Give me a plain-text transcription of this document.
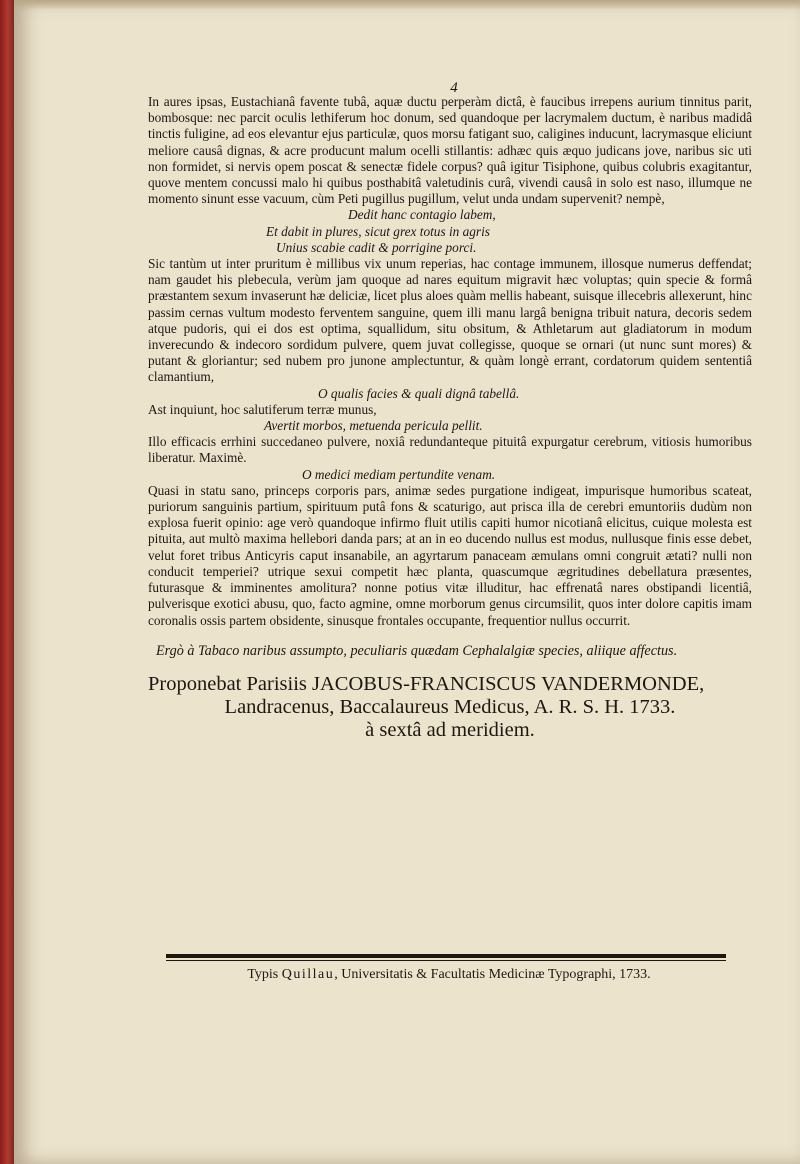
4

In aures ipsas, Eustachianâ favente tubâ, aquæ ductu perperàm dictâ, è faucibus irrepens aurium tinnitus parit, bombosque: nec parcit oculis lethiferum hoc donum, sed quandoque per lacrymalem ductum, è naribus madidâ tinctis fuligine, ad eos elevantur ejus particulæ, quos morsu fatigant suo, caligines inducunt, lacrymasque eliciunt meliore causâ dignas, & acre producunt malum ocelli stillantis: adhæc quis æquo judicans jove, naribus sic uti non formidet, si nervis opem poscat & senectæ fidele corpus? quâ igitur Tisiphone, quibus colubris exagitantur, quove mentem concussi malo hi quibus posthabitâ valetudinis curâ, vivendi causâ in solo est naso, illumque ne momento sinunt esse vacuum, cùm Peti pugillus pugillum, velut unda undam supervenit? nempè,

Dedit hanc contagio labem,

Et dabit in plures, sicut grex totus in agris

Unius scabie cadit & porrigine porci.

Sic tantùm ut inter pruritum è millibus vix unum reperias, hac contage immunem, illosque numerus deffendat; nam gaudet his plebecula, verùm jam quoque ad nares equitum migravit hæc voluptas; quin specie & formâ præstantem sexum invaserunt hæ deliciæ, licet plus aloes quàm mellis habeant, suisque illecebris allexerunt, hinc passim cernas vultum modesto ferventem sanguine, quem illi manu largâ benigna tribuit natura, decoris sedem atque pudoris, qui ei dos est optima, squallidum, situ obsitum, & Athletarum aut gladiatorum in modum inverecundo & indecoro sordidum pulvere, quem juvat collegisse, quoque se ornari (ut nunc sunt mores) & putant & gloriantur; sed nubem pro junone amplectuntur, & quàm longè errant, cordatorum quidem sententiâ clamantium,

O qualis facies & quali dignâ tabellâ.

Ast inquiunt, hoc salutiferum terræ munus,

Avertit morbos, metuenda pericula pellit.

Illo efficacis errhini succedaneo pulvere, noxiâ redundanteque pituitâ expurgatur cerebrum, vitiosis humoribus liberatur. Maximè.

O medici mediam pertundite venam.

Quasi in statu sano, princeps corporis pars, animæ sedes purgatione indigeat, impurisque humoribus scateat, puriorum sanguinis partium, spirituum putâ fons & scaturigo, aut prisca illa de cerebri emuntoriis dudùm non explosa fuerit opinio: age verò quandoque infirmo fluit utilis capiti humor nicotianâ elicitus, cuique molesta est pituita, aut multò maxima hellebori danda pars; at an in eo ducendo nullus est modus, nullusque finis esse debet, velut foret tribus Anticyris caput insanabile, an agyrtarum panaceam æmulans omni congruit ætati? nulli non conducit temperiei? utrique sexui competit hæc planta, quascumque ægritudines debellatura præsentes, futurasque & imminentes amolitura? nonne potius vitæ illuditur, hac effrenatâ nares obstipandi licentiâ, pulverisque exotici abusu, quo, facto agmine, omne morborum genus circumsilit, quos inter dolore capitis imam coronalis ossis partem obsidente, sinusque frontales occupante, frequentior nullus occurrit.

Ergò à Tabaco naribus assumpto, peculiaris quædam Cephalalgiæ species, aliique affectus.

Proponebat Parisiis JACOBUS-FRANCISCUS VANDERMONDE,
Landracenus, Baccalaureus Medicus, A. R. S. H. 1733.
à sextâ ad meridiem.
Typis Quillau, Universitatis & Facultatis Medicinæ Typographi, 1733.
